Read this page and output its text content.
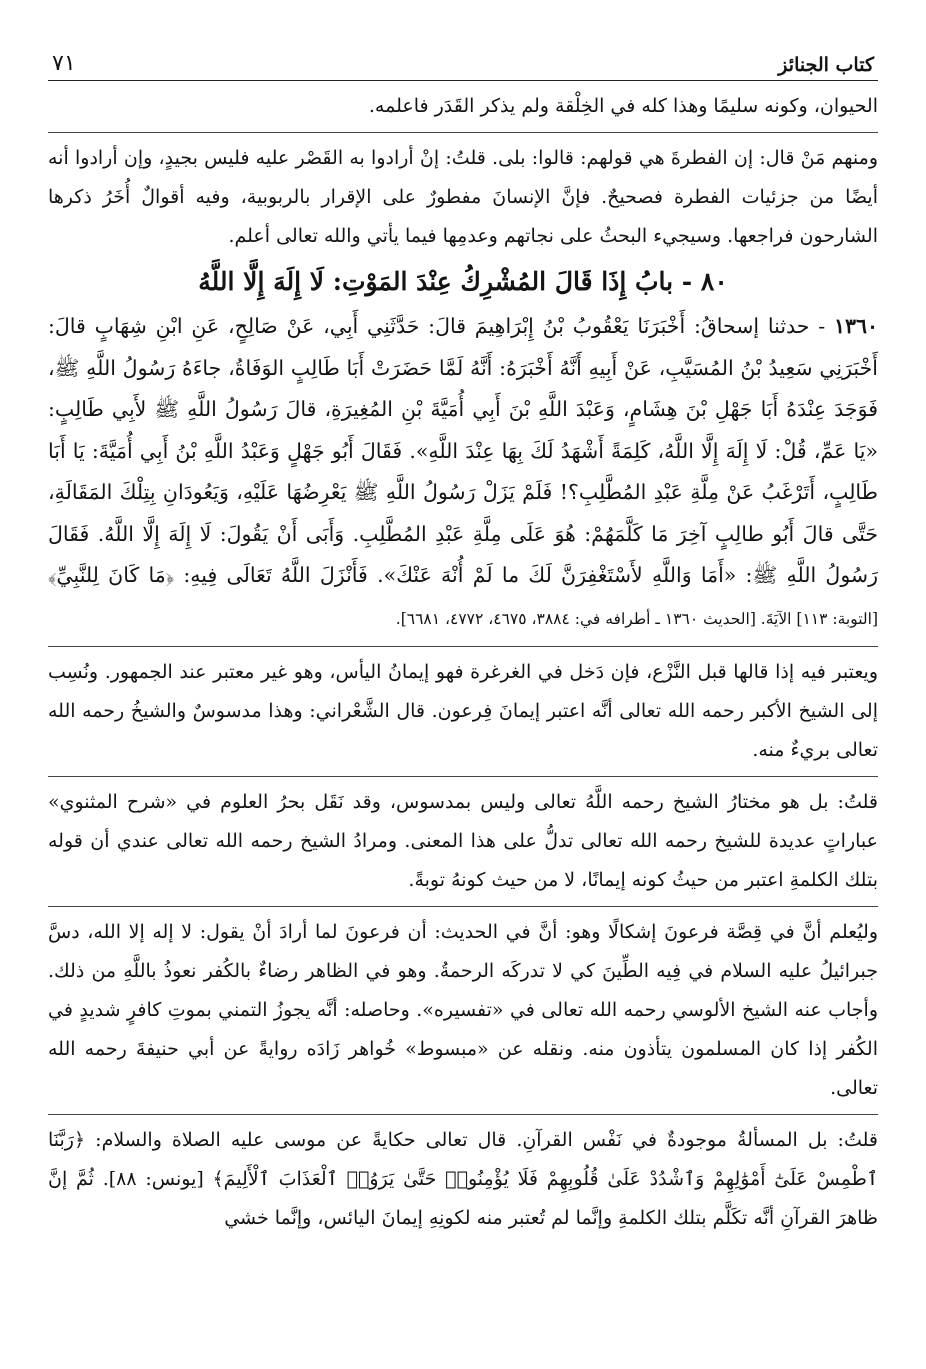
كتاب الجنائز
٧١

الحيوان، وكونه سليمًا وهذا كله في الخِلْقة ولم يذكر القَدَر فاعلمه.

ومنهم مَنْ قال: إن الفطرةَ هي قولهم: قالوا: بلى. قلتُ: إنْ أرادوا به القَصْر عليه فليس بجيدٍ، وإن أرادوا أنه أيضًا من جزئيات الفطرة فصحيحٌ. فإنَّ الإنسانَ مفطورٌ على الإقرار بالربوبية، وفيه أقوالٌ أُخَرُ ذكرها الشارحون فراجعها. وسيجيء البحثُ على نجاتهم وعدمِها فيما يأتي والله تعالى أعلم.

٨٠ - بابُ إِذَا قَالَ المُشْرِكُ عِنْدَ المَوْتِ: لَا إِلَهَ إِلَّا اللَّهُ

١٣٦٠ - حدثنا إسحاقُ: أَخْبَرَنَا يَعْقُوبُ بْنُ إِبْرَاهِيمَ قالَ: حَدَّثَنِي أَبِي، عَنْ صَالِحٍ، عَنِ ابْنِ شِهَابٍ قالَ: أَخْبَرَنِي سَعِيدُ بْنُ المُسَيَّبِ، عَنْ أَبِيهِ أَنَّهُ أَخْبَرَهُ: أَنَّهُ لَمَّا حَضَرَتْ أَبَا طَالِبٍ الوَفَاةُ، جاءَهُ رَسُولُ اللَّهِ ﷺ، فَوَجَدَ عِنْدَهُ أَبَا جَهْلِ بْنَ هِشَامٍ، وَعَبْدَ اللَّهِ بْنَ أَبِي أُمَيَّةَ بْنِ المُغِيرَةِ، قالَ رَسُولُ اللَّهِ ﷺ لأَبِي طَالِبٍ: «يَا عَمِّ، قُلْ: لَا إِلَهَ إِلَّا اللَّهُ، كَلِمَةً أَشْهَدُ لَكَ بِهَا عِنْدَ اللَّهِ». فَقَالَ أَبُو جَهْلٍ وَعَبْدُ اللَّهِ بْنُ أَبِي أُمَيَّةَ: يَا أَبَا طَالِبٍ، أَتَرْغَبُ عَنْ مِلَّةِ عَبْدِ المُطَّلِبِ؟! فَلَمْ يَزَلْ رَسُولُ اللَّهِ ﷺ يَعْرِضُهَا عَلَيْهِ، وَيَعُودَانِ بِتِلْكَ المَقَالَةِ، حَتَّى قالَ أَبُو طالِبٍ آخِرَ مَا كَلَّمَهُمْ: هُوَ عَلَى مِلَّةِ عَبْدِ المُطَّلِبِ. وَأَبَى أَنْ يَقُولَ: لَا إِلَهَ إِلَّا اللَّهُ. فَقَالَ رَسُولُ اللَّهِ ﷺ: «أَمَا وَاللَّهِ لأَسْتَغْفِرَنَّ لَكَ ما لَمْ أُنْهَ عَنْكَ». فَأَنْزَلَ اللَّهُ تَعَالَى فِيهِ: ﴿مَا كَانَ لِلنَّبِيِّ﴾ [التوبة: ١١٣] الآيَةَ. [الحديث ١٣٦٠ ـ أطرافه في: ٣٨٨٤، ٤٦٧٥، ٤٧٧٢، ٦٦٨١].

ويعتبر فيه إذا قالها قبل النَّزْع، فإن دَخل في الغرغرة فهو إيمانُ اليأس، وهو غير معتبر عند الجمهور. ونُسِب إلى الشيخ الأكبر رحمه الله تعالى أنَّه اعتبر إيمانَ فِرعون. قال الشَّعْراني: وهذا مدسوسٌ والشيخُ رحمه الله تعالى بريءٌ منه.

قلتُ: بل هو مختارُ الشيخ رحمه اللَّهُ تعالى وليس بمدسوس، وقد نَقَل بحرُ العلوم في «شرح المثنوي» عباراتٍ عديدة للشيخ رحمه الله تعالى تدلُّ على هذا المعنى. ومرادُ الشيخ رحمه الله تعالى عندي أن قوله بتلك الكلمةِ اعتبر من حيثُ كونه إيمانًا، لا من حيث كونهُ توبةً.

وليُعلم أنَّ في قِصَّة فرعونَ إشكالًا وهو: أنَّ في الحديث: أن فرعونَ لما أرادَ أنْ يقول: لا إله إلا الله، دسَّ جبرائيلُ عليه السلام في فِيه الطِّينَ كي لا تدركَه الرحمةُ. وهو في الظاهر رضاءٌ بالكُفر نعوذُ باللَّهِ من ذلك. وأجاب عنه الشيخ الألوسي رحمه الله تعالى في «تفسيره». وحاصله: أنَّه يجوزُ التمني بموتِ كافرٍ شديدٍ في الكُفر إذا كان المسلمون يتأذون منه. ونقله عن «مبسوط» خُواهر زَادَه روايةً عن أبي حنيفةَ رحمه الله تعالى.

قلتُ: بل المسألةُ موجودةٌ في نَفْس القرآنِ. قال تعالى حكايةً عن موسى عليه الصلاة والسلام: ﴿رَبَّنَا ٱطْمِسْ عَلَىٰٓ أَمْوَٰلِهِمْ وَٱشْدُدْ عَلَىٰ قُلُوبِهِمْ فَلَا يُؤْمِنُوا۟ حَتَّىٰ يَرَوُا۟ ٱلْعَذَابَ ٱلْأَلِيمَ﴾ [يونس: ٨٨]. ثُمَّ إنَّ ظاهرَ القرآنِ أنَّه تكَلَّم بتلك الكلمةِ وإنَّما لم تُعتبر منه لكونِهِ إيمانَ اليائس، وإنَّما خشي
